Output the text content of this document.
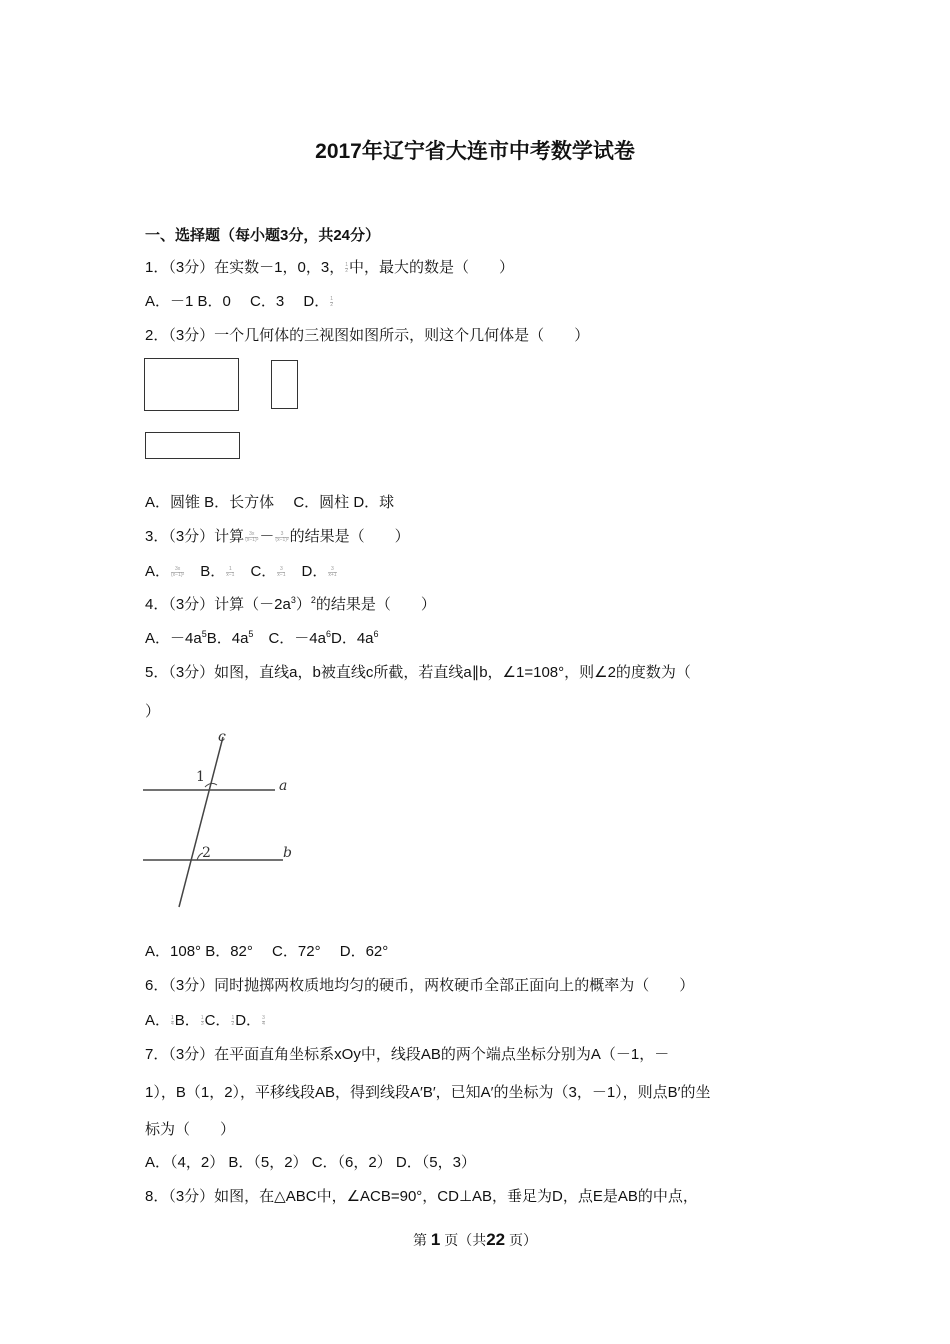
2017年辽宁省大连市中考数学试卷
一、选择题（每小题3分，共24分）
1．（3分）在实数－1，0，3， $\frac{1}{2}$ 中，最大的数是（　　）
A．－1 B．0 　C．3 　D． $\frac{1}{2}$
2．（3分）一个几何体的三视图如图所示，则这个几何体是（　　）
A．圆锥 B．长方体 　C．圆柱 D．球
3．（3分）计算 $\frac{3x}{\text{(x−1)²}} - \frac{3}{\text{(x−1)²}}$ 的结果是（　　）
A． $\frac{3x}{\text{(x−1)²}}$ 　B． $\frac{1}{x-1}$ 　C． $\frac{3}{x-1}$ 　D． $\frac{3}{x+1}$
4．（3分）计算$(-2a^3)^2$的结果是（　　）
A．$-4a^5B$．$4a^5$　C．$-4a^6D$．$4a^6$
5．（3分）如图，直线a，b被直线c所截，若直线a∥b，∠1=108°，则∠2的度数为（
）
c
a
b
1
2
A．108° B．82° 　C．72° 　D．62°
6．（3分）同时抛掷两枚质地均匀的硬币，两枚硬币全部正面向上的概率为（　　）
A． $\frac{1}{4}$ B． $\frac{1}{3}$ C． $\frac{1}{2}$ D． $\frac{3}{4}$
7．（3分）在平面直角坐标系xOy中，线段AB的两个端点坐标分别为A（－1，－
1），B（1，2），平移线段AB，得到线段A′B′，已知A′的坐标为（3，－1），则点B′的坐
标为（　　）
A．（4，2） B．（5，2） C．（6，2） D．（5，3）
8．（3分）如图，在△ABC中，∠ACB=90°，CD⊥AB，垂足为D，点E是AB的中点，
第 1 页（共22 页）
